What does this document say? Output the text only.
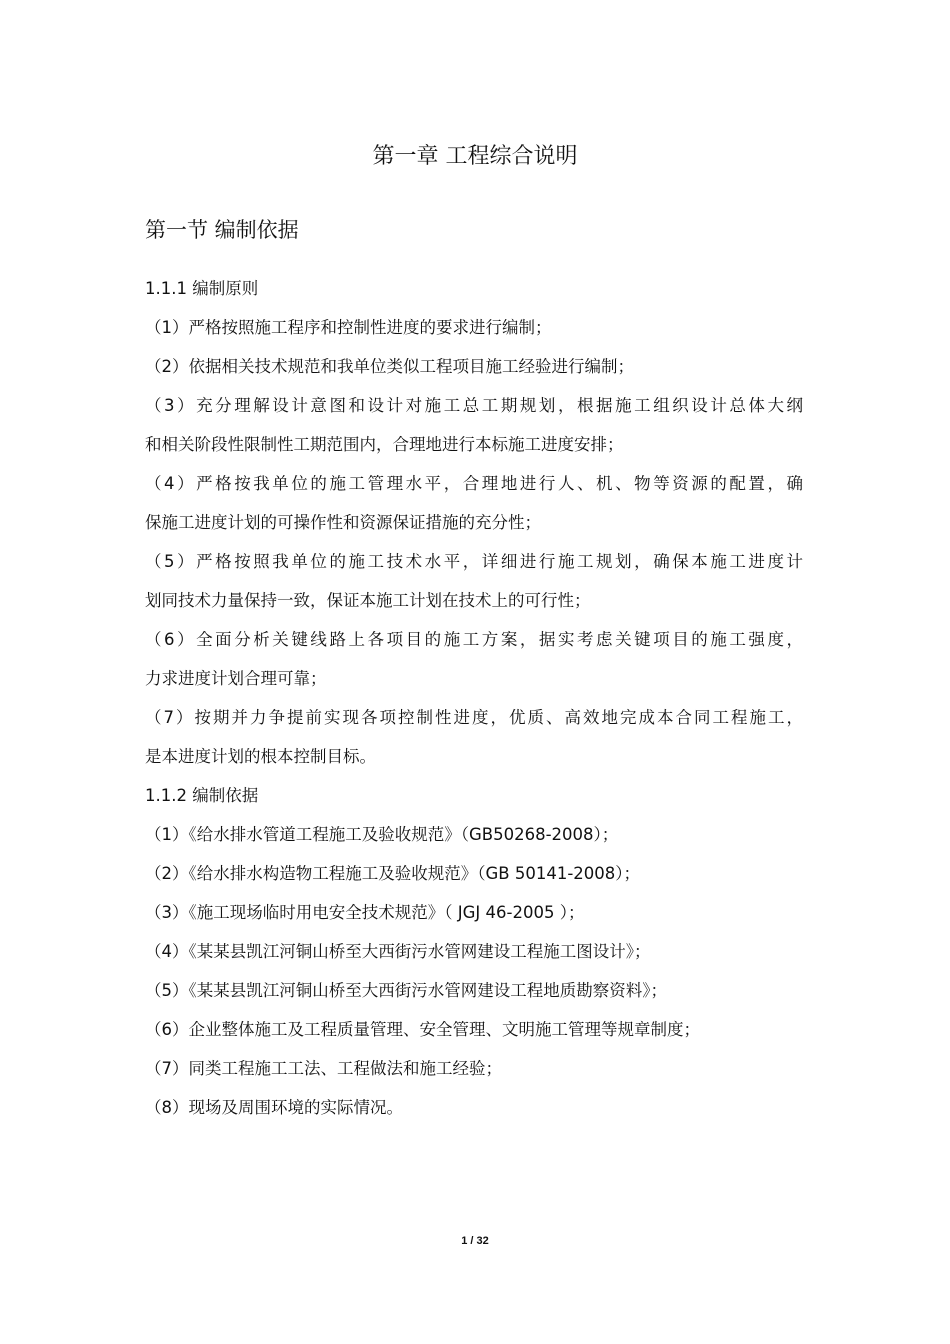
第一章 工程综合说明
第一节 编制依据
1.1.1 编制原则
（1）严格按照施工程序和控制性进度的要求进行编制；
（2）依据相关技术规范和我单位类似工程项目施工经验进行编制；
（3）充分理解设计意图和设计对施工总工期规划，根据施工组织设计总体大纲
和相关阶段性限制性工期范围内，合理地进行本标施工进度安排；
（4）严格按我单位的施工管理水平，合理地进行人、机、物等资源的配置，确
保施工进度计划的可操作性和资源保证措施的充分性；
（5）严格按照我单位的施工技术水平，详细进行施工规划，确保本施工进度计
划同技术力量保持一致，保证本施工计划在技术上的可行性；
（6）全面分析关键线路上各项目的施工方案，据实考虑关键项目的施工强度，
力求进度计划合理可靠；
（7）按期并力争提前实现各项控制性进度，优质、高效地完成本合同工程施工，
是本进度计划的根本控制目标。
1.1.2 编制依据
（1）《给水排水管道工程施工及验收规范》（GB50268-2008）；
（2）《给水排水构造物工程施工及验收规范》（GB 50141-2008）；
（3）《施工现场临时用电安全技术规范》（ JGJ 46-2005 ）；
（4）《某某县凯江河铜山桥至大西街污水管网建设工程施工图设计》；
（5）《某某县凯江河铜山桥至大西街污水管网建设工程地质勘察资料》；
（6）企业整体施工及工程质量管理、安全管理、文明施工管理等规章制度；
（7）同类工程施工工法、工程做法和施工经验；
（8）现场及周围环境的实际情况。
1 / 32
